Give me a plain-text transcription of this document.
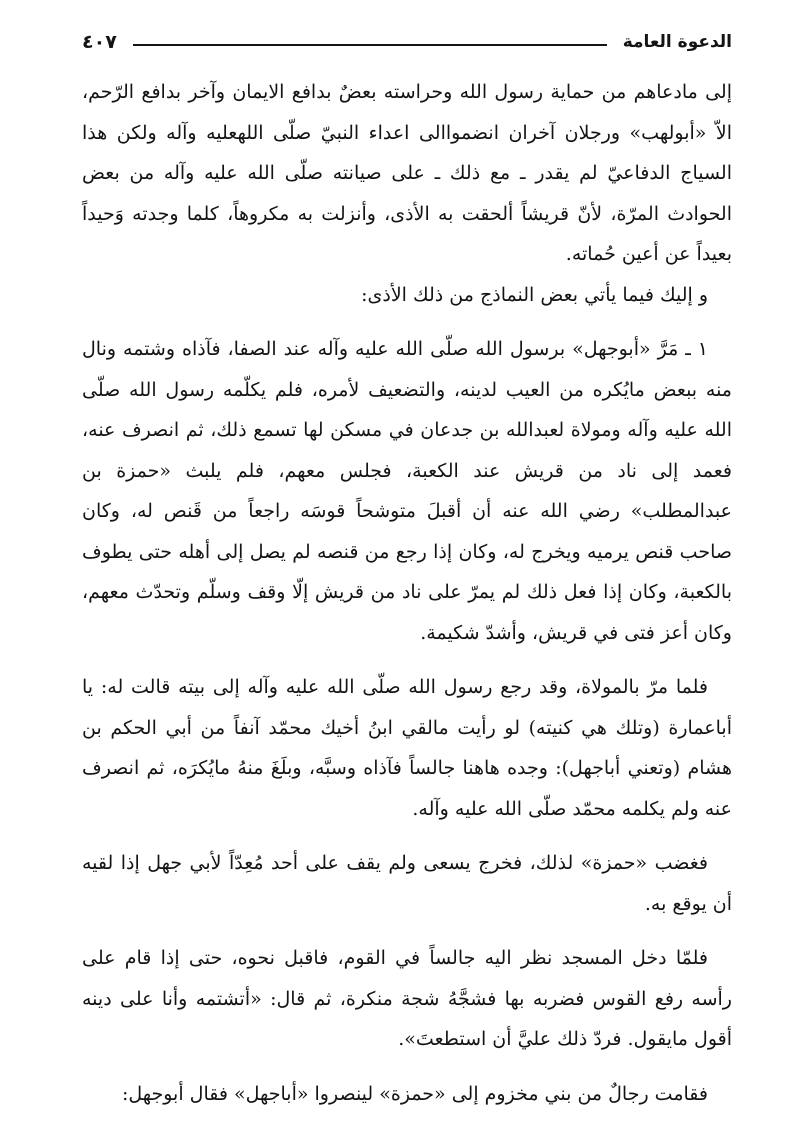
الدعوة العامة
٤٠٧

إلى مادعاهم من حماية رسول الله وحراسته بعضٌ بدافع الايمان وآخر بدافع الرّحم، الاّ «أبولهب» ورجلان آخران انضمواالى اعداء النبيّ صلّى اللهعليه وآله ولكن هذا السياج الدفاعيّ لم يقدر ـ مع ذلك ـ على صيانته صلّى الله عليه وآله من بعض الحوادث المرّة، لأنّ قريشاً ألحقت به الأذى، وأنزلت به مكروهاً، كلما وجدته وَحيداً بعيداً عن أعين حُماته.

و إليك فيما يأتي بعض النماذج من ذلك الأذى:

١ ـ مَرَّ «أبوجهل» برسول الله صلّى الله عليه وآله عند الصفا، فآذاه وشتمه ونال منه ببعض مايُكره من العيب لدينه، والتضعيف لأمره، فلم يكلّمه رسول الله صلّى الله عليه وآله ومولاة لعبدالله بن جدعان في مسكن لها تسمع ذلك، ثم انصرف عنه، فعمد إلى ناد من قريش عند الكعبة، فجلس معهم، فلم يلبث «حمزة بن عبدالمطلب» رضي الله عنه أن أقبلَ متوشحاً قوسَه راجعاً من قَنص له، وكان صاحب قنص يرميه ويخرج له، وكان إذا رجع من قنصه لم يصل إلى أهله حتى يطوف بالكعبة، وكان إذا فعل ذلك لم يمرّ على ناد من قريش إلّا وقف وسلّم وتحدّث معهم، وكان أعز فتى في قريش، وأشدّ شكيمة.

فلما مرّ بالمولاة، وقد رجع رسول الله صلّى الله عليه وآله إلى بيته قالت له: يا أباعمارة (وتلك هي كنيته) لو رأيت مالقي ابنُ أخيك محمّد آنفاً من أبي الحكم بن هشام (وتعني أباجهل): وجده هاهنا جالساً فآذاه وسبَّه، وبلَغَ منهُ مايُكرَه، ثم انصرف عنه ولم يكلمه محمّد صلّى الله عليه وآله.

فغضب «حمزة» لذلك، فخرج يسعى ولم يقف على أحد مُعِدّاً لأبي جهل إذا لقيه أن يوقع به.

فلمّا دخل المسجد نظر اليه جالساً في القوم، فاقبل نحوه، حتى إذا قام على رأسه رفع القوس فضربه بها فشجَّهُ شجة منكرة، ثم قال: «أتشتمه وأنا على دينه أقول مايقول. فردّ ذلك عليَّ أن استطعتَ».

فقامت رجالٌ من بني مخزوم إلى «حمزة» لينصروا «أباجهل» فقال أبوجهل:
